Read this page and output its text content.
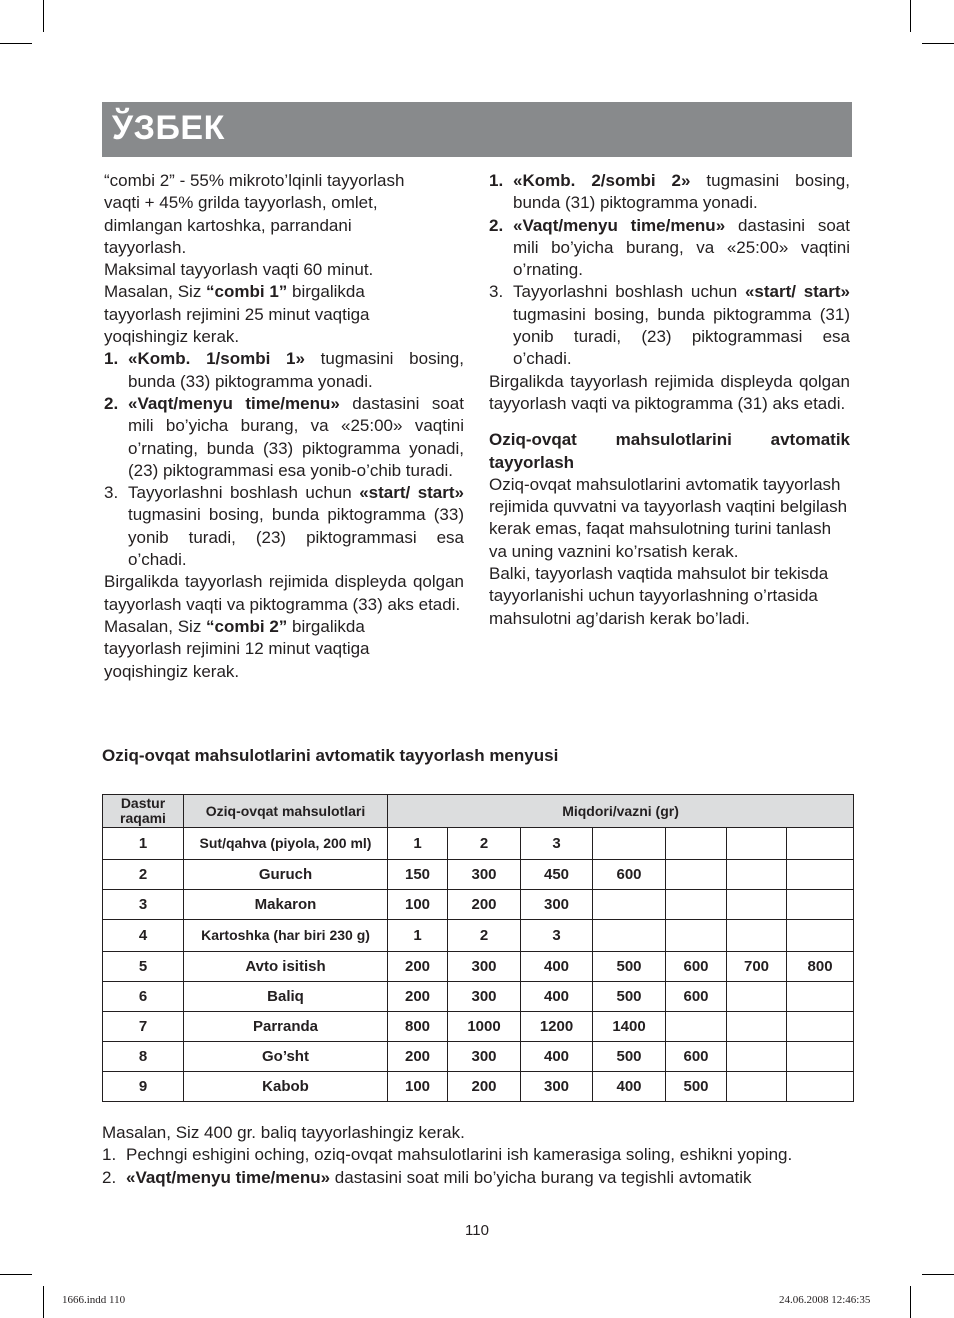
ЎЗБЕК

“combi 2” - 55% mikroto’lqinli tayyorlash vaqti + 45% grilda tayyorlash, omlet, dimlangan kartoshka, parrandani tayyorlash.

Maksimal tayyorlash vaqti 60 minut.

Masalan, Siz “combi 1” birgalikda tayyorlash rejimini 25 minut vaqtiga yoqishingiz kerak.

1. «Komb. 1/sombi 1» tugmasini bosing, bunda (33) piktogramma yonadi.
2. «Vaqt/menyu time/menu» dastasini soat mili bo’yicha burang, va «25:00» vaqtini o’rnating, bunda (33) piktogramma yonadi,(23) piktogrammasi esa yonib-o’chib turadi.
3. Tayyorlashni boshlash uchun «start/ start» tugmasini bosing, bunda piktogramma (33) yonib turadi, (23) piktogrammasi esa o’chadi.

Birgalikda tayyorlash rejimida displeyda qolgan tayyorlash vaqti va piktogramma (33) aks etadi.

Masalan, Siz “combi 2” birgalikda tayyorlash rejimini 12 minut vaqtiga yoqishingiz kerak.

1. «Komb. 2/sombi 2» tugmasini bosing, bunda (31) piktogramma yonadi.
2. «Vaqt/menyu time/menu» dastasini soat mili bo’yicha burang, va «25:00» vaqtini o’rnating.
3. Tayyorlashni boshlash uchun «start/ start» tugmasini bosing, bunda piktogramma (31) yonib turadi, (23) piktogrammasi esa o’chadi.

Birgalikda tayyorlash rejimida displeyda qolgan tayyorlash vaqti va piktogramma (31) aks etadi.

Oziq-ovqat mahsulotlarini avtomatik tayyorlash

Oziq-ovqat mahsulotlarini avtomatik tayyorlash rejimida quvvatni va tayyorlash vaqtini belgilash kerak emas, faqat mahsulotning turini tanlash va uning vaznini ko’rsatish kerak.

Balki, tayyorlash vaqtida mahsulot bir tekisda tayyorlanishi uchun tayyorlashning o’rtasida mahsulotni ag’darish kerak bo’ladi.

Oziq-ovqat mahsulotlarini avtomatik tayyorlash menyusi
Dastur raqami	Oziq-ovqat mahsulotlari	Miqdori/vazni (gr)						
1	Sut/qahva (piyola, 200 ml)	1	2	3				
2	Guruch	150	300	450	600			
3	Makaron	100	200	300				
4	Kartoshka (har biri 230 g)	1	2	3				
5	Avto isitish	200	300	400	500	600	700	800
6	Baliq	200	300	400	500	600		
7	Parranda	800	1000	1200	1400			
8	Go’sht	200	300	400	500	600		
9	Kabob	100	200	300	400	500		

Masalan, Siz 400 gr. baliq tayyorlashingiz kerak.

1. Pechngi eshigini oching, oziq-ovqat mahsulotlarini ish kamerasiga soling, eshikni yoping.
2. «Vaqt/menyu time/menu» dastasini soat mili bo’yicha burang va tegishli avtomatik
110
1666.indd 110	24.06.2008 12:46:35
